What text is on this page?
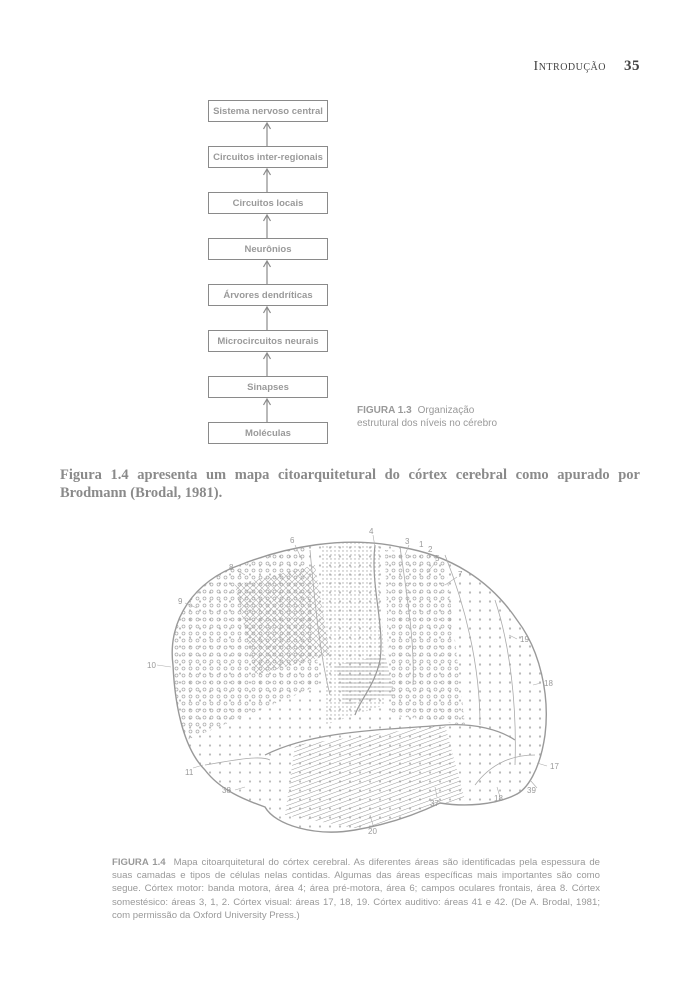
Introdução 35
Sistema nervoso central
Circuitos inter-regionais
Circuitos locais
Neurônios
Árvores dendríticas
Microcircuitos neurais
Sinapses
Moléculas
FIGURA 1.3 Organização estrutural dos níveis no cérebro
Figura 1.4 apresenta um mapa citoarquitetural do córtex cerebral como apurado por Brodmann (Brodal, 1981).
6
4
3 1
2
5
7
8
9
10
19
18
17
11
38
37
18
39
20
FIGURA 1.4 Mapa citoarquitetural do córtex cerebral. As diferentes áreas são identificadas pela espessura de suas camadas e tipos de células nelas contidas. Algumas das áreas específicas mais importantes são como segue. Córtex motor: banda motora, área 4; área pré-motora, área 6; campos oculares frontais, área 8. Córtex somestésico: áreas 3, 1, 2. Córtex visual: áreas 17, 18, 19. Córtex auditivo: áreas 41 e 42. (De A. Brodal, 1981; com permissão da Oxford University Press.)
